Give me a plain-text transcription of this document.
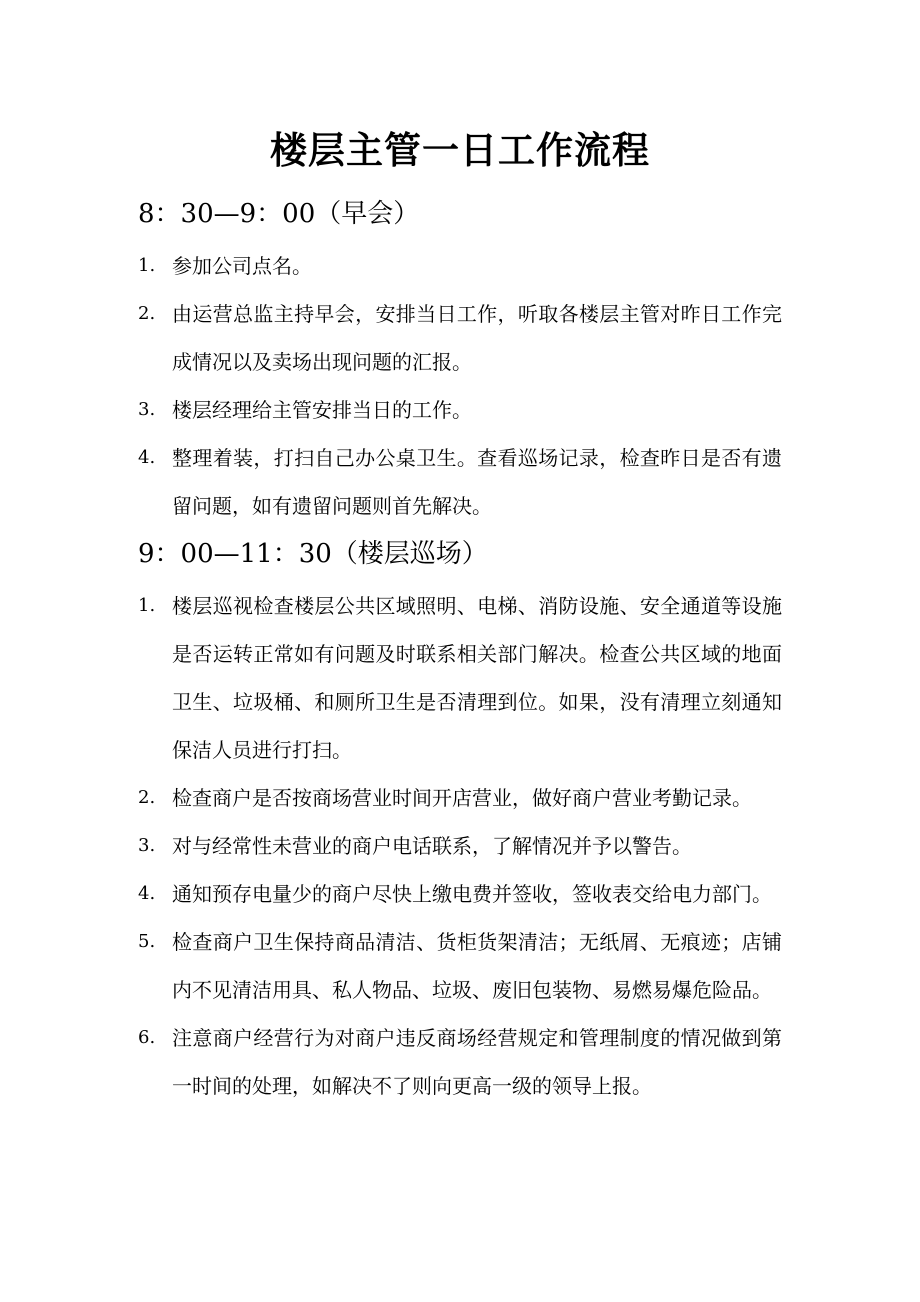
楼层主管一日工作流程
8：30—9：00（早会）
1. 参加公司点名。
2. 由运营总监主持早会，安排当日工作，听取各楼层主管对昨日工作完成情况以及卖场出现问题的汇报。
3. 楼层经理给主管安排当日的工作。
4. 整理着装，打扫自己办公桌卫生。查看巡场记录，检查昨日是否有遗留问题，如有遗留问题则首先解决。
9：00—11：30（楼层巡场）
1. 楼层巡视检查楼层公共区域照明、电梯、消防设施、安全通道等设施是否运转正常如有问题及时联系相关部门解决。检查公共区域的地面卫生、垃圾桶、和厕所卫生是否清理到位。如果，没有清理立刻通知保洁人员进行打扫。
2. 检查商户是否按商场营业时间开店营业，做好商户营业考勤记录。
3. 对与经常性未营业的商户电话联系，了解情况并予以警告。
4. 通知预存电量少的商户尽快上缴电费并签收，签收表交给电力部门。
5. 检查商户卫生保持商品清洁、货柜货架清洁；无纸屑、无痕迹；店铺内不见清洁用具、私人物品、垃圾、废旧包装物、易燃易爆危险品。
6. 注意商户经营行为对商户违反商场经营规定和管理制度的情况做到第一时间的处理，如解决不了则向更高一级的领导上报。
